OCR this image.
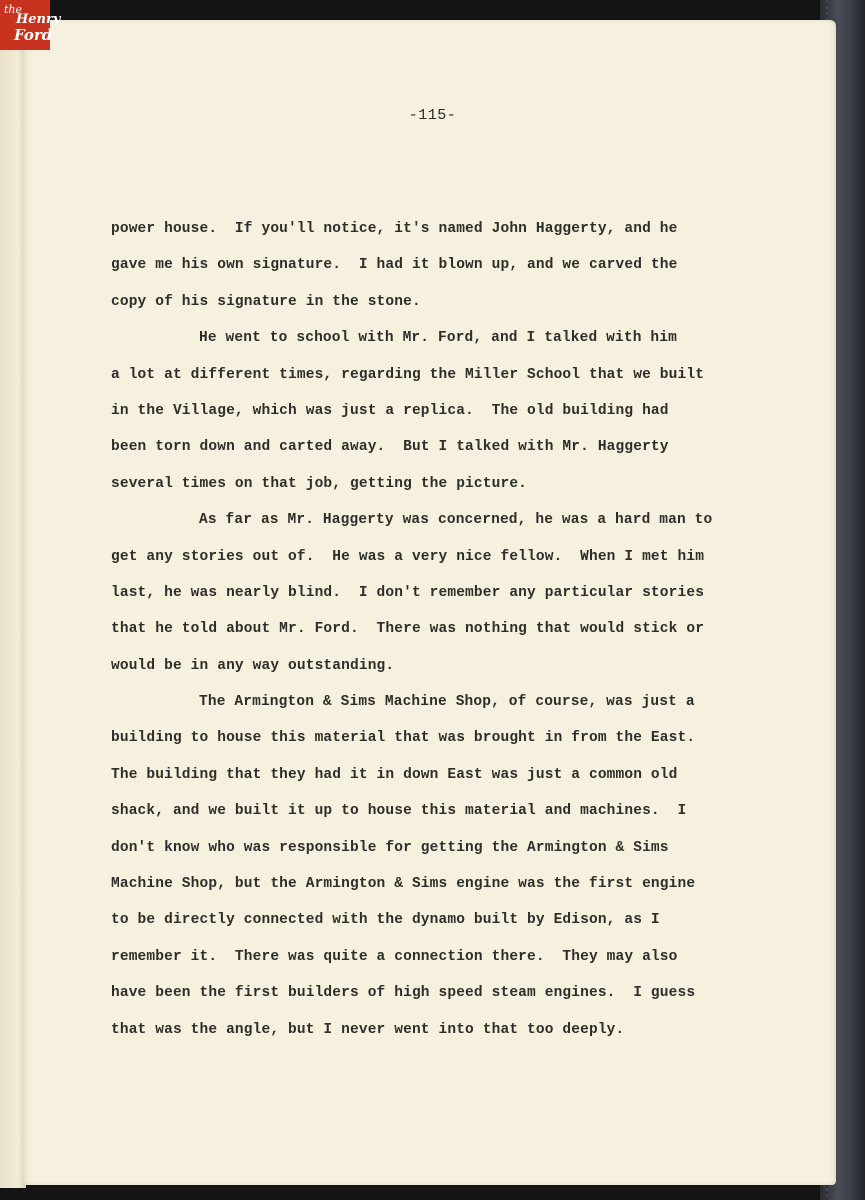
the
Henry
Ford
-115-
power house.  If you'll notice, it's named John Haggerty, and he
gave me his own signature.  I had it blown up, and we carved the
copy of his signature in the stone.
He went to school with Mr. Ford, and I talked with him
a lot at different times, regarding the Miller School that we built
in the Village, which was just a replica.  The old building had
been torn down and carted away.  But I talked with Mr. Haggerty
several times on that job, getting the picture.
As far as Mr. Haggerty was concerned, he was a hard man to
get any stories out of.  He was a very nice fellow.  When I met him
last, he was nearly blind.  I don't remember any particular stories
that he told about Mr. Ford.  There was nothing that would stick or
would be in any way outstanding.
The Armington & Sims Machine Shop, of course, was just a
building to house this material that was brought in from the East.
The building that they had it in down East was just a common old
shack, and we built it up to house this material and machines.  I
don't know who was responsible for getting the Armington & Sims
Machine Shop, but the Armington & Sims engine was the first engine
to be directly connected with the dynamo built by Edison, as I
remember it.  There was quite a connection there.  They may also
have been the first builders of high speed steam engines.  I guess
that was the angle, but I never went into that too deeply.
